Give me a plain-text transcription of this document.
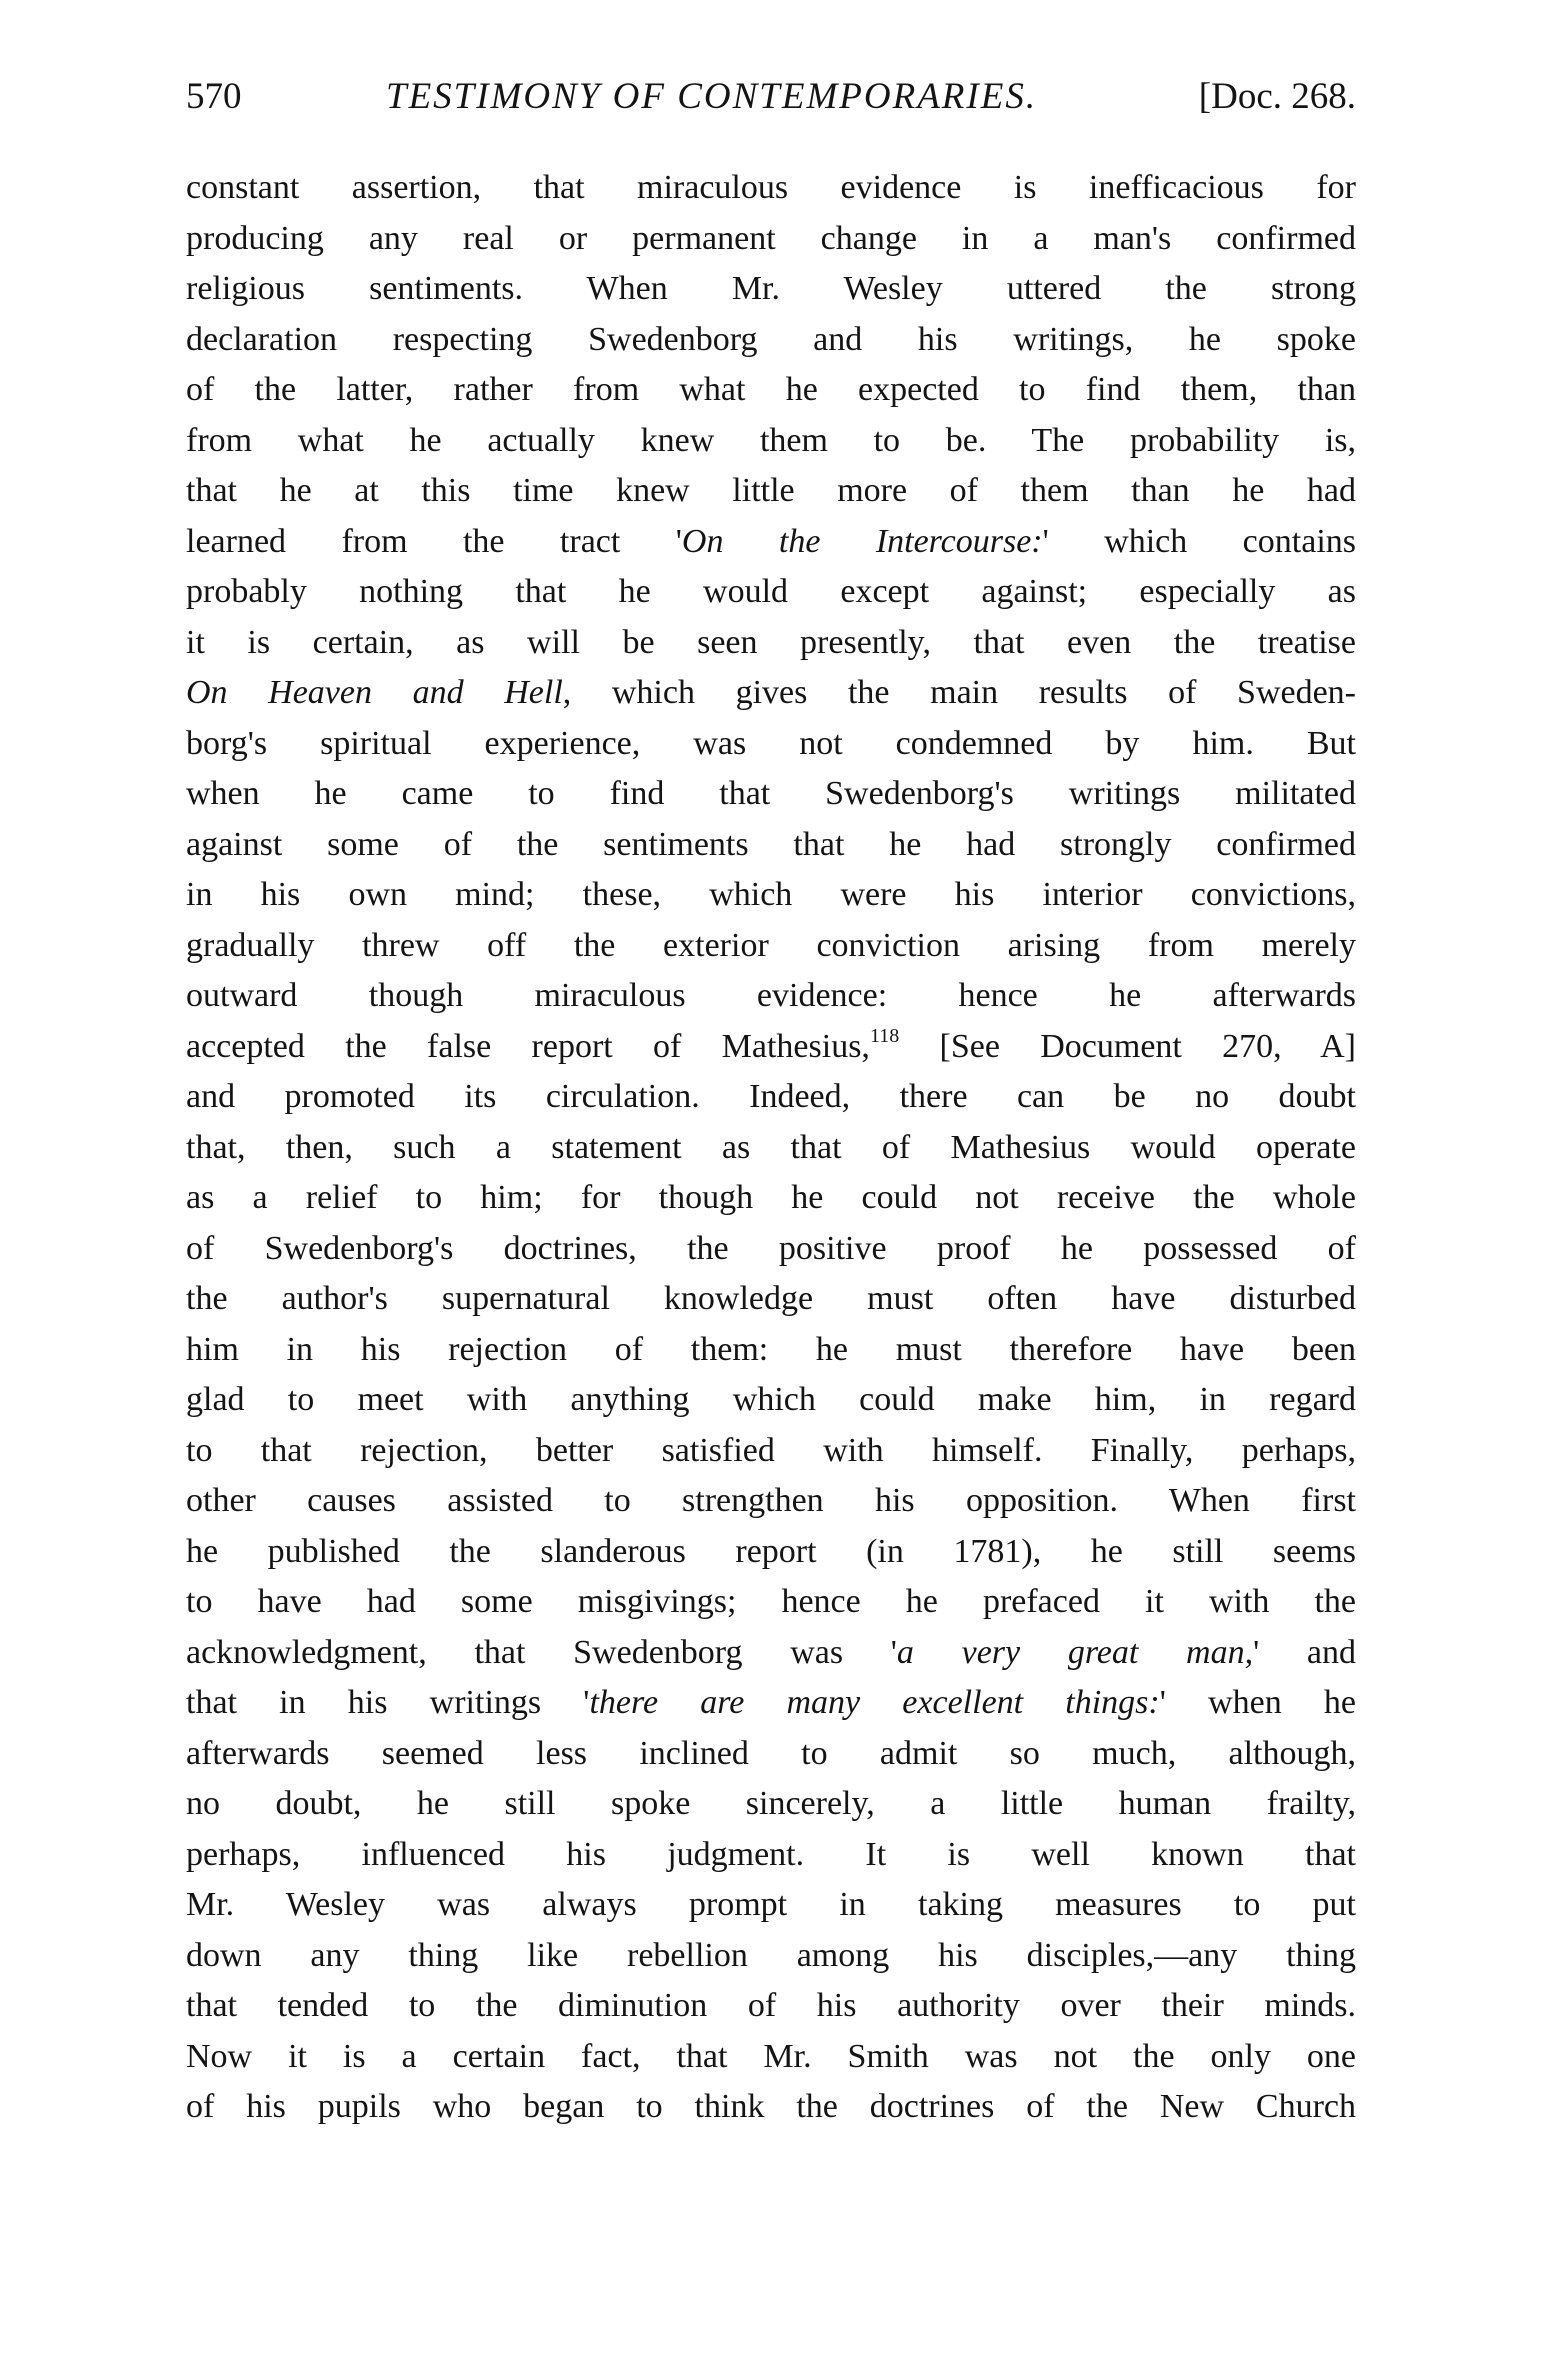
570	TESTIMONY OF CONTEMPORARIES.	[Doc. 268.
constant assertion, that miraculous evidence is inefficacious for
producing any real or permanent change in a man's confirmed
religious sentiments. When Mr. Wesley uttered the strong
declaration respecting Swedenborg and his writings, he spoke
of the latter, rather from what he expected to find them, than
from what he actually knew them to be. The probability is,
that he at this time knew little more of them than he had
learned from the tract 'On the Intercourse:' which contains
probably nothing that he would except against; especially as
it is certain, as will be seen presently, that even the treatise
On Heaven and Hell, which gives the main results of Sweden-
borg's spiritual experience, was not condemned by him. But
when he came to find that Swedenborg's writings militated
against some of the sentiments that he had strongly confirmed
in his own mind; these, which were his interior convictions,
gradually threw off the exterior conviction arising from merely
outward though miraculous evidence: hence he afterwards
accepted the false report of Mathesius,$^{118}$ [See Document 270, A]
and promoted its circulation. Indeed, there can be no doubt
that, then, such a statement as that of Mathesius would operate
as a relief to him; for though he could not receive the whole
of Swedenborg's doctrines, the positive proof he possessed of
the author's supernatural knowledge must often have disturbed
him in his rejection of them: he must therefore have been
glad to meet with anything which could make him, in regard
to that rejection, better satisfied with himself. Finally, perhaps,
other causes assisted to strengthen his opposition. When first
he published the slanderous report (in 1781), he still seems
to have had some misgivings; hence he prefaced it with the
acknowledgment, that Swedenborg was 'a very great man,' and
that in his writings 'there are many excellent things:' when he
afterwards seemed less inclined to admit so much, although,
no doubt, he still spoke sincerely, a little human frailty,
perhaps, influenced his judgment. It is well known that
Mr. Wesley was always prompt in taking measures to put
down any thing like rebellion among his disciples,—any thing
that tended to the diminution of his authority over their minds.
Now it is a certain fact, that Mr. Smith was not the only one
of his pupils who began to think the doctrines of the New Church
